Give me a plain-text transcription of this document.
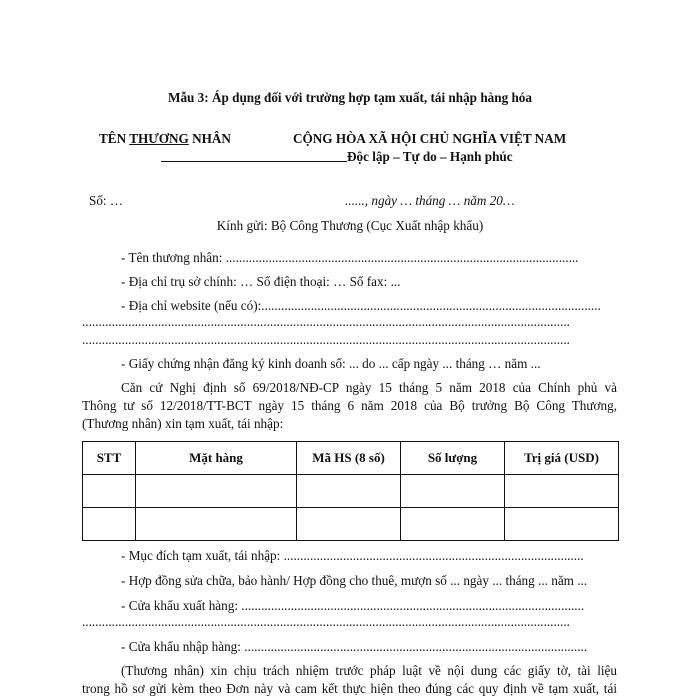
Mẫu 3: Áp dụng đối với trường hợp tạm xuất, tái nhập hàng hóa
TÊN THƯƠNG NHÂN	CỘNG HÒA XÃ HỘI CHỦ NGHĨA VIỆT NAM
Độc lập – Tự do – Hạnh phúc
Số: …	......, ngày … tháng … năm 20…
Kính gửi: Bộ Công Thương (Cục Xuất nhập khẩu)
- Tên thương nhân: ...........................................................................................................
- Địa chỉ trụ sở chính: … Số điện thoại: … Số fax: ...
- Địa chỉ website (nếu có):.......................................................................................................
....................................................................................................................................................
....................................................................................................................................................
- Giấy chứng nhận đăng ký kinh doanh số: ... do ... cấp ngày ... tháng … năm ...
Căn cứ Nghị định số 69/2018/NĐ-CP ngày 15 tháng 5 năm 2018 của Chính phủ và
Thông tư số 12/2018/TT-BCT ngày 15 tháng 6 năm 2018 của Bộ trưởng Bộ Công Thương,
(Thương nhân) xin tạm xuất, tái nhập:
STT	Mặt hàng	Mã HS (8 số)	Số lượng	Trị giá (USD)

- Mục đích tạm xuất, tái nhập: ...........................................................................................
- Hợp đồng sửa chữa, bảo hành/ Hợp đồng cho thuê, mượn số ... ngày ... tháng ... năm ...
- Cửa khẩu xuất hàng: ........................................................................................................
....................................................................................................................................................
- Cửa khẩu nhập hàng: ........................................................................................................
(Thương nhân) xin chịu trách nhiệm trước pháp luật về nội dung các giấy tờ, tài liệu
trong hồ sơ gửi kèm theo Đơn này và cam kết thực hiện theo đúng các quy định về tạm xuất, tái
